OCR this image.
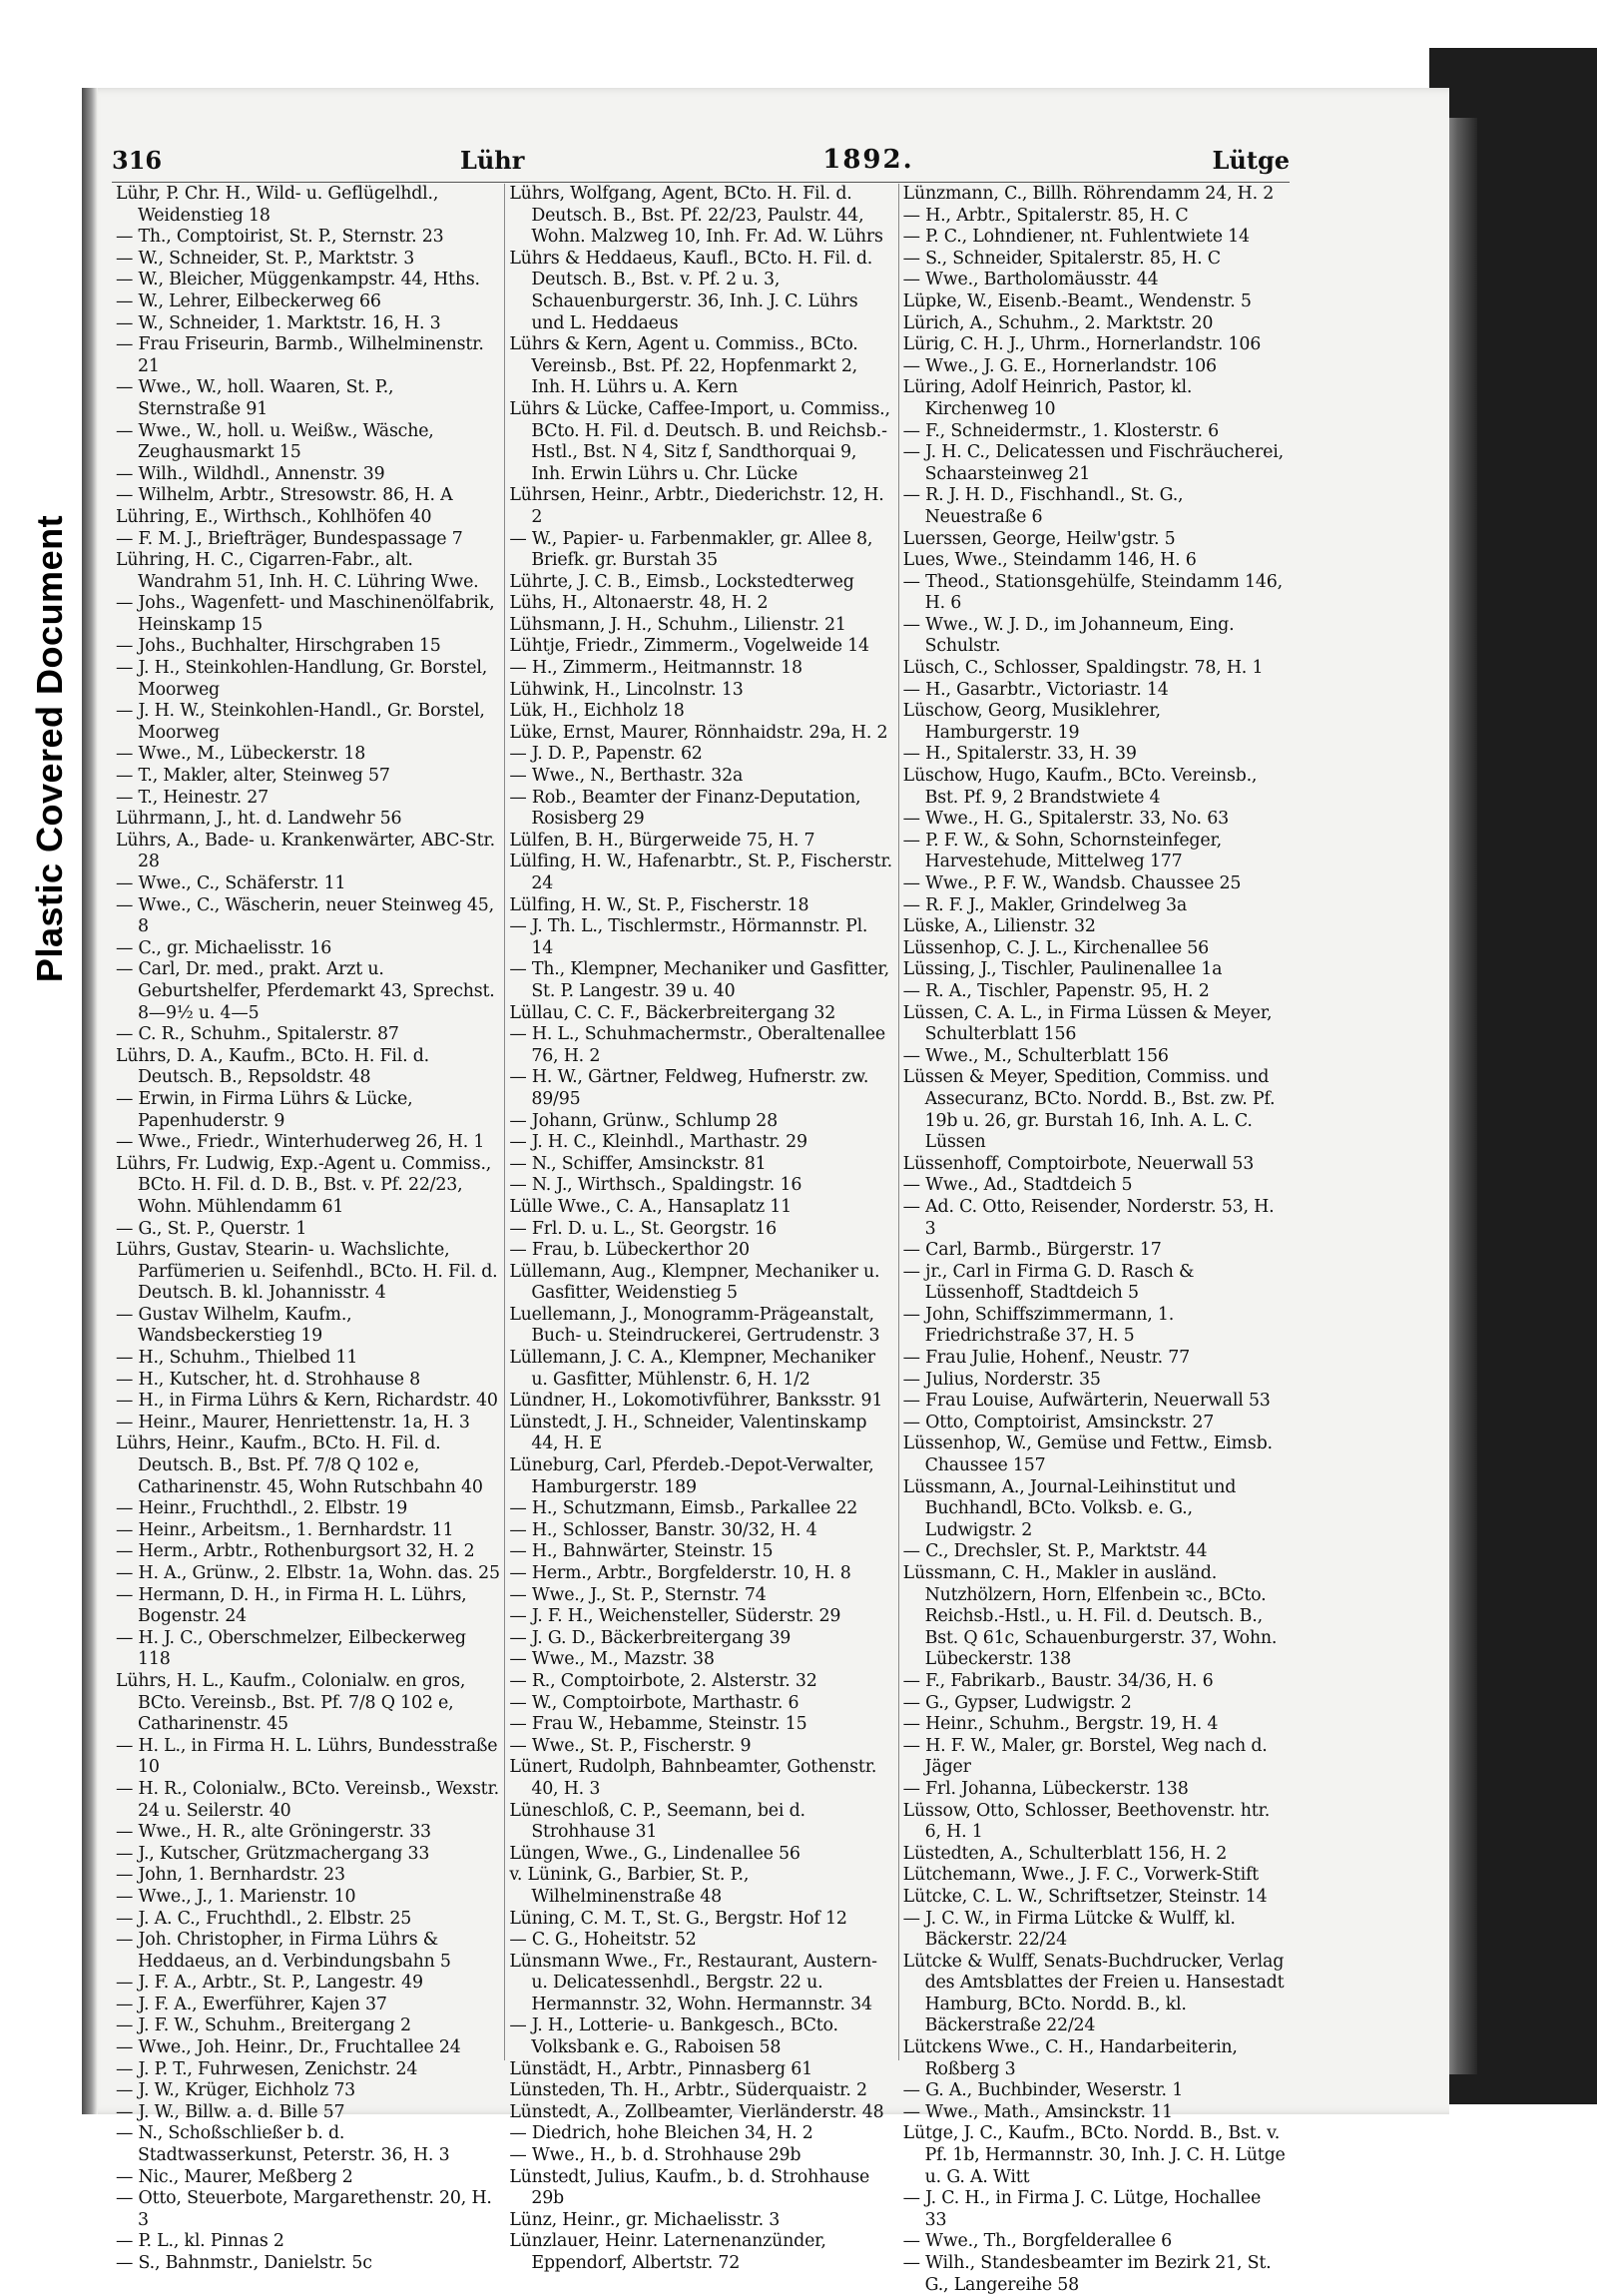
Plastic Covered Document
316	Lühr	1892.	Lütge
Lühr, P. Chr. H., Wild- u. Geflügelhdl., Weidenstieg 18
— Th., Comptoirist, St. P., Sternstr. 23
— W., Schneider, St. P., Marktstr. 3
— W., Bleicher, Müggenkampstr. 44, Hths.
— W., Lehrer, Eilbeckerweg 66
— W., Schneider, 1. Marktstr. 16, H. 3
— Frau Friseurin, Barmb., Wilhelminenstr. 21
— Wwe., W., holl. Waaren, St. P., Sternstraße 91
— Wwe., W., holl. u. Weißw., Wäsche, Zeughausmarkt 15
— Wilh., Wildhdl., Annenstr. 39
— Wilhelm, Arbtr., Stresowstr. 86, H. A
Lühring, E., Wirthsch., Kohlhöfen 40
— F. M. J., Briefträger, Bundespassage 7
Lühring, H. C., Cigarren-Fabr., alt. Wandrahm 51, Inh. H. C. Lühring Wwe.
— Johs., Wagenfett- und Maschinenölfabrik, Heinskamp 15
— Johs., Buchhalter, Hirschgraben 15
— J. H., Steinkohlen-Handlung, Gr. Borstel, Moorweg
— J. H. W., Steinkohlen-Handl., Gr. Borstel, Moorweg
— Wwe., M., Lübeckerstr. 18
— T., Makler, alter, Steinweg 57
— T., Heinestr. 27
Lührmann, J., ht. d. Landwehr 56
Lührs, A., Bade- u. Krankenwärter, ABC-Str. 28
— Wwe., C., Schäferstr. 11
— Wwe., C., Wäscherin, neuer Steinweg 45, 8
— C., gr. Michaelisstr. 16
— Carl, Dr. med., prakt. Arzt u. Geburtshelfer, Pferdemarkt 43, Sprechst. 8—9½ u. 4—5
— C. R., Schuhm., Spitalerstr. 87
Lührs, D. A., Kaufm., BCto. H. Fil. d. Deutsch. B., Repsoldstr. 48
— Erwin, in Firma Lührs & Lücke, Papenhuderstr. 9
— Wwe., Friedr., Winterhuderweg 26, H. 1
Lührs, Fr. Ludwig, Exp.-Agent u. Commiss., BCto. H. Fil. d. D. B., Bst. v. Pf. 22/23, Wohn. Mühlendamm 61
— G., St. P., Querstr. 1
Lührs, Gustav, Stearin- u. Wachslichte, Parfümerien u. Seifenhdl., BCto. H. Fil. d. Deutsch. B. kl. Johannisstr. 4
— Gustav Wilhelm, Kaufm., Wandsbeckerstieg 19
— H., Schuhm., Thielbed 11
— H., Kutscher, ht. d. Strohhause 8
— H., in Firma Lührs & Kern, Richardstr. 40
— Heinr., Maurer, Henriettenstr. 1a, H. 3
Lührs, Heinr., Kaufm., BCto. H. Fil. d. Deutsch. B., Bst. Pf. 7/8 Q 102 e, Catharinenstr. 45, Wohn Rutschbahn 40
— Heinr., Fruchthdl., 2. Elbstr. 19
— Heinr., Arbeitsm., 1. Bernhardstr. 11
— Herm., Arbtr., Rothenburgsort 32, H. 2
— H. A., Grünw., 2. Elbstr. 1a, Wohn. das. 25
— Hermann, D. H., in Firma H. L. Lührs, Bogenstr. 24
— H. J. C., Oberschmelzer, Eilbeckerweg 118
Lührs, H. L., Kaufm., Colonialw. en gros, BCto. Vereinsb., Bst. Pf. 7/8 Q 102 e, Catharinenstr. 45
— H. L., in Firma H. L. Lührs, Bundesstraße 10
— H. R., Colonialw., BCto. Vereinsb., Wexstr. 24 u. Seilerstr. 40
— Wwe., H. R., alte Gröningerstr. 33
— J., Kutscher, Grützmachergang 33
— John, 1. Bernhardstr. 23
— Wwe., J., 1. Marienstr. 10
— J. A. C., Fruchthdl., 2. Elbstr. 25
— Joh. Christopher, in Firma Lührs & Heddaeus, an d. Verbindungsbahn 5
— J. F. A., Arbtr., St. P., Langestr. 49
— J. F. A., Ewerführer, Kajen 37
— J. F. W., Schuhm., Breitergang 2
— Wwe., Joh. Heinr., Dr., Fruchtallee 24
— J. P. T., Fuhrwesen, Zenichstr. 24
— J. W., Krüger, Eichholz 73
— J. W., Billw. a. d. Bille 57
— N., Schoßschließer b. d. Stadtwasserkunst, Peterstr. 36, H. 3
— Nic., Maurer, Meßberg 2
— Otto, Steuerbote, Margarethenstr. 20, H. 3
— P. L., kl. Pinnas 2
— S., Bahnmstr., Danielstr. 5c
Lührs, Wolfgang, Agent, BCto. H. Fil. d. Deutsch. B., Bst. Pf. 22/23, Paulstr. 44, Wohn. Malzweg 10, Inh. Fr. Ad. W. Lührs
Lührs & Heddaeus, Kaufl., BCto. H. Fil. d. Deutsch. B., Bst. v. Pf. 2 u. 3, Schauenburgerstr. 36, Inh. J. C. Lührs und L. Heddaeus
Lührs & Kern, Agent u. Commiss., BCto. Vereinsb., Bst. Pf. 22, Hopfenmarkt 2, Inh. H. Lührs u. A. Kern
Lührs & Lücke, Caffee-Import, u. Commiss., BCto. H. Fil. d. Deutsch. B. und Reichsb.-Hstl., Bst. N 4, Sitz f, Sandthorquai 9, Inh. Erwin Lührs u. Chr. Lücke
Lührsen, Heinr., Arbtr., Diederichstr. 12, H. 2
— W., Papier- u. Farbenmakler, gr. Allee 8, Briefk. gr. Burstah 35
Lührte, J. C. B., Eimsb., Lockstedterweg
Lühs, H., Altonaerstr. 48, H. 2
Lühsmann, J. H., Schuhm., Lilienstr. 21
Lühtje, Friedr., Zimmerm., Vogelweide 14
— H., Zimmerm., Heitmannstr. 18
Lühwink, H., Lincolnstr. 13
Lük, H., Eichholz 18
Lüke, Ernst, Maurer, Rönnhaidstr. 29a, H. 2
— J. D. P., Papenstr. 62
— Wwe., N., Berthastr. 32a
— Rob., Beamter der Finanz-Deputation, Rosisberg 29
Lülfen, B. H., Bürgerweide 75, H. 7
Lülfing, H. W., Hafenarbtr., St. P., Fischerstr. 24
Lülfing, H. W., St. P., Fischerstr. 18
— J. Th. L., Tischlermstr., Hörmannstr. Pl. 14
— Th., Klempner, Mechaniker und Gasfitter, St. P. Langestr. 39 u. 40
Lüllau, C. C. F., Bäckerbreitergang 32
— H. L., Schuhmachermstr., Oberaltenallee 76, H. 2
— H. W., Gärtner, Feldweg, Hufnerstr. zw. 89/95
— Johann, Grünw., Schlump 28
— J. H. C., Kleinhdl., Marthastr. 29
— N., Schiffer, Amsinckstr. 81
— N. J., Wirthsch., Spaldingstr. 16
Lülle Wwe., C. A., Hansaplatz 11
— Frl. D. u. L., St. Georgstr. 16
— Frau, b. Lübeckerthor 20
Lüllemann, Aug., Klempner, Mechaniker u. Gasfitter, Weidenstieg 5
Luellemann, J., Monogramm-Prägeanstalt, Buch- u. Steindruckerei, Gertrudenstr. 3
Lüllemann, J. C. A., Klempner, Mechaniker u. Gasfitter, Mühlenstr. 6, H. 1/2
Lündner, H., Lokomotivführer, Banksstr. 91
Lünstedt, J. H., Schneider, Valentinskamp 44, H. E
Lüneburg, Carl, Pferdeb.-Depot-Verwalter, Hamburgerstr. 189
— H., Schutzmann, Eimsb., Parkallee 22
— H., Schlosser, Banstr. 30/32, H. 4
— H., Bahnwärter, Steinstr. 15
— Herm., Arbtr., Borgfelderstr. 10, H. 8
— Wwe., J., St. P., Sternstr. 74
— J. F. H., Weichensteller, Süderstr. 29
— J. G. D., Bäckerbreitergang 39
— Wwe., M., Mazstr. 38
— R., Comptoirbote, 2. Alsterstr. 32
— W., Comptoirbote, Marthastr. 6
— Frau W., Hebamme, Steinstr. 15
— Wwe., St. P., Fischerstr. 9
Lünert, Rudolph, Bahnbeamter, Gothenstr. 40, H. 3
Lüneschloß, C. P., Seemann, bei d. Strohhause 31
Lüngen, Wwe., G., Lindenallee 56
v. Lünink, G., Barbier, St. P., Wilhelminenstraße 48
Lüning, C. M. T., St. G., Bergstr. Hof 12
— C. G., Hoheitstr. 52
Lünsmann Wwe., Fr., Restaurant, Austern- u. Delicatessenhdl., Bergstr. 22 u. Hermannstr. 32, Wohn. Hermannstr. 34
— J. H., Lotterie- u. Bankgesch., BCto. Volksbank e. G., Raboisen 58
Lünstädt, H., Arbtr., Pinnasberg 61
Lünsteden, Th. H., Arbtr., Süderquaistr. 2
Lünstedt, A., Zollbeamter, Vierländerstr. 48
— Diedrich, hohe Bleichen 34, H. 2
— Wwe., H., b. d. Strohhause 29b
Lünstedt, Julius, Kaufm., b. d. Strohhause 29b
Lünz, Heinr., gr. Michaelisstr. 3
Lünzlauer, Heinr. Laternenanzünder, Eppendorf, Albertstr. 72
Lünzmann, C., Billh. Röhrendamm 24, H. 2
— H., Arbtr., Spitalerstr. 85, H. C
— P. C., Lohndiener, nt. Fuhlentwiete 14
— S., Schneider, Spitalerstr. 85, H. C
— Wwe., Bartholomäusstr. 44
Lüpke, W., Eisenb.-Beamt., Wendenstr. 5
Lürich, A., Schuhm., 2. Marktstr. 20
Lürig, C. H. J., Uhrm., Hornerlandstr. 106
— Wwe., J. G. E., Hornerlandstr. 106
Lüring, Adolf Heinrich, Pastor, kl. Kirchenweg 10
— F., Schneidermstr., 1. Klosterstr. 6
— J. H. C., Delicatessen und Fischräucherei, Schaarsteinweg 21
— R. J. H. D., Fischhandl., St. G., Neuestraße 6
Luerssen, George, Heilw'gstr. 5
Lues, Wwe., Steindamm 146, H. 6
— Theod., Stationsgehülfe, Steindamm 146, H. 6
— Wwe., W. J. D., im Johanneum, Eing. Schulstr.
Lüsch, C., Schlosser, Spaldingstr. 78, H. 1
— H., Gasarbtr., Victoriastr. 14
Lüschow, Georg, Musiklehrer, Hamburgerstr. 19
— H., Spitalerstr. 33, H. 39
Lüschow, Hugo, Kaufm., BCto. Vereinsb., Bst. Pf. 9, 2 Brandstwiete 4
— Wwe., H. G., Spitalerstr. 33, No. 63
— P. F. W., & Sohn, Schornsteinfeger, Harvestehude, Mittelweg 177
— Wwe., P. F. W., Wandsb. Chaussee 25
— R. F. J., Makler, Grindelweg 3a
Lüske, A., Lilienstr. 32
Lüssenhop, C. J. L., Kirchenallee 56
Lüssing, J., Tischler, Paulinenallee 1a
— R. A., Tischler, Papenstr. 95, H. 2
Lüssen, C. A. L., in Firma Lüssen & Meyer, Schulterblatt 156
— Wwe., M., Schulterblatt 156
Lüssen & Meyer, Spedition, Commiss. und Assecuranz, BCto. Nordd. B., Bst. zw. Pf. 19b u. 26, gr. Burstah 16, Inh. A. L. C. Lüssen
Lüssenhoff, Comptoirbote, Neuerwall 53
— Wwe., Ad., Stadtdeich 5
— Ad. C. Otto, Reisender, Norderstr. 53, H. 3
— Carl, Barmb., Bürgerstr. 17
— jr., Carl in Firma G. D. Rasch & Lüssenhoff, Stadtdeich 5
— John, Schiffszimmermann, 1. Friedrichstraße 37, H. 5
— Frau Julie, Hohenf., Neustr. 77
— Julius, Norderstr. 35
— Frau Louise, Aufwärterin, Neuerwall 53
— Otto, Comptoirist, Amsinckstr. 27
Lüssenhop, W., Gemüse und Fettw., Eimsb. Chaussee 157
Lüssmann, A., Journal-Leihinstitut und Buchhandl, BCto. Volksb. e. G., Ludwigstr. 2
— C., Drechsler, St. P., Marktstr. 44
Lüssmann, C. H., Makler in ausländ. Nutzhölzern, Horn, Elfenbein ꝛc., BCto. Reichsb.-Hstl., u. H. Fil. d. Deutsch. B., Bst. Q 61c, Schauenburgerstr. 37, Wohn. Lübeckerstr. 138
— F., Fabrikarb., Baustr. 34/36, H. 6
— G., Gypser, Ludwigstr. 2
— Heinr., Schuhm., Bergstr. 19, H. 4
— H. F. W., Maler, gr. Borstel, Weg nach d. Jäger
— Frl. Johanna, Lübeckerstr. 138
Lüssow, Otto, Schlosser, Beethovenstr. htr. 6, H. 1
Lüstedten, A., Schulterblatt 156, H. 2
Lütchemann, Wwe., J. F. C., Vorwerk-Stift
Lütcke, C. L. W., Schriftsetzer, Steinstr. 14
— J. C. W., in Firma Lütcke & Wulff, kl. Bäckerstr. 22/24
Lütcke & Wulff, Senats-Buchdrucker, Verlag des Amtsblattes der Freien u. Hansestadt Hamburg, BCto. Nordd. B., kl. Bäckerstraße 22/24
Lütckens Wwe., C. H., Handarbeiterin, Roßberg 3
— G. A., Buchbinder, Weserstr. 1
— Wwe., Math., Amsinckstr. 11
Lütge, J. C., Kaufm., BCto. Nordd. B., Bst. v. Pf. 1b, Hermannstr. 30, Inh. J. C. H. Lütge u. G. A. Witt
— J. C. H., in Firma J. C. Lütge, Hochallee 33
— Wwe., Th., Borgfelderallee 6
— Wilh., Standesbeamter im Bezirk 21, St. G., Langereihe 58
